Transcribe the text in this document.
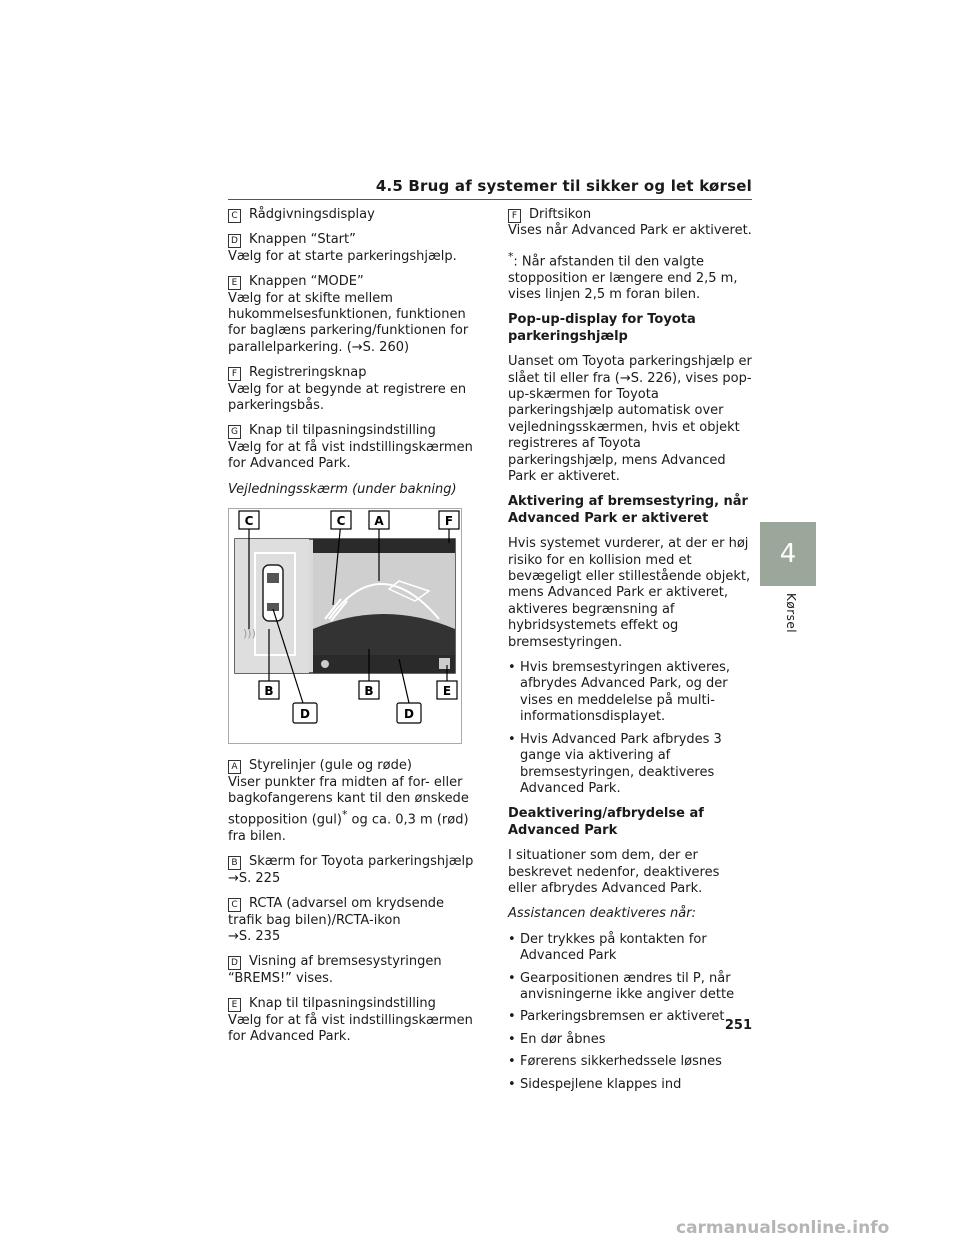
4.5 Brug af systemer til sikker og let kørsel
C Rådgivningsdisplay
D Knappen “Start”
Vælg for at starte parkeringshjælp.
E Knappen “MODE”
Vælg for at skifte mellem hukommelsesfunktionen, funktionen for baglæns parkering/funktionen for parallelparkering. (→S. 260)
F Registreringsknap
Vælg for at begynde at registrere en parkeringsbås.
G Knap til tilpasningsindstilling
Vælg for at få vist indstillingskærmen for Advanced Park.

Vejledningsskærm (under bakning)

)))
C	C A	F
B	B	E
D	D
A Styrelinjer (gule og røde)
Viser punkter fra midten af for- eller bagkofangerens kant til den ønskede stopposition (gul)* og ca. 0,3 m (rød) fra bilen.
B Skærm for Toyota parkeringshjælp
→S. 225
C RCTA (advarsel om krydsende trafik bag bilen)/RCTA-ikon
→S. 235
D Visning af bremsesystyringen
“BREMS!” vises.
E Knap til tilpasningsindstilling
Vælg for at få vist indstillingskærmen for Advanced Park.
F Driftsikon
Vises når Advanced Park er aktiveret.

*: Når afstanden til den valgte stopposition er længere end 2,5 m, vises linjen 2,5 m foran bilen.

Pop-up-display for Toyota parkeringshjælp

Uanset om Toyota parkeringshjælp er slået til eller fra (→S. 226), vises pop-up-skærmen for Toyota parkeringshjælp automatisk over vejledningsskærmen, hvis et objekt registreres af Toyota parkeringshjælp, mens Advanced Park er aktiveret.

Aktivering af bremsestyring, når Advanced Park er aktiveret

Hvis systemet vurderer, at der er høj risiko for en kollision med et bevægeligt eller stillestående objekt, mens Advanced Park er aktiveret, aktiveres begrænsning af hybridsystemets effekt og bremsestyringen.

• Hvis bremsestyringen aktiveres, afbrydes Advanced Park, og der vises en meddelelse på multi-informationsdisplayet.
• Hvis Advanced Park afbrydes 3 gange via aktivering af bremsestyringen, deaktiveres Advanced Park.

Deaktivering/afbrydelse af Advanced Park

I situationer som dem, der er beskrevet nedenfor, deaktiveres eller afbrydes Advanced Park.

Assistancen deaktiveres når:

• Der trykkes på kontakten for Advanced Park
• Gearpositionen ændres til P, når anvisningerne ikke angiver dette
• Parkeringsbremsen er aktiveret
• En dør åbnes
• Førerens sikkerhedssele løsnes
• Sidespejlene klappes ind
4
Kørsel
251
carmanualsonline.info
